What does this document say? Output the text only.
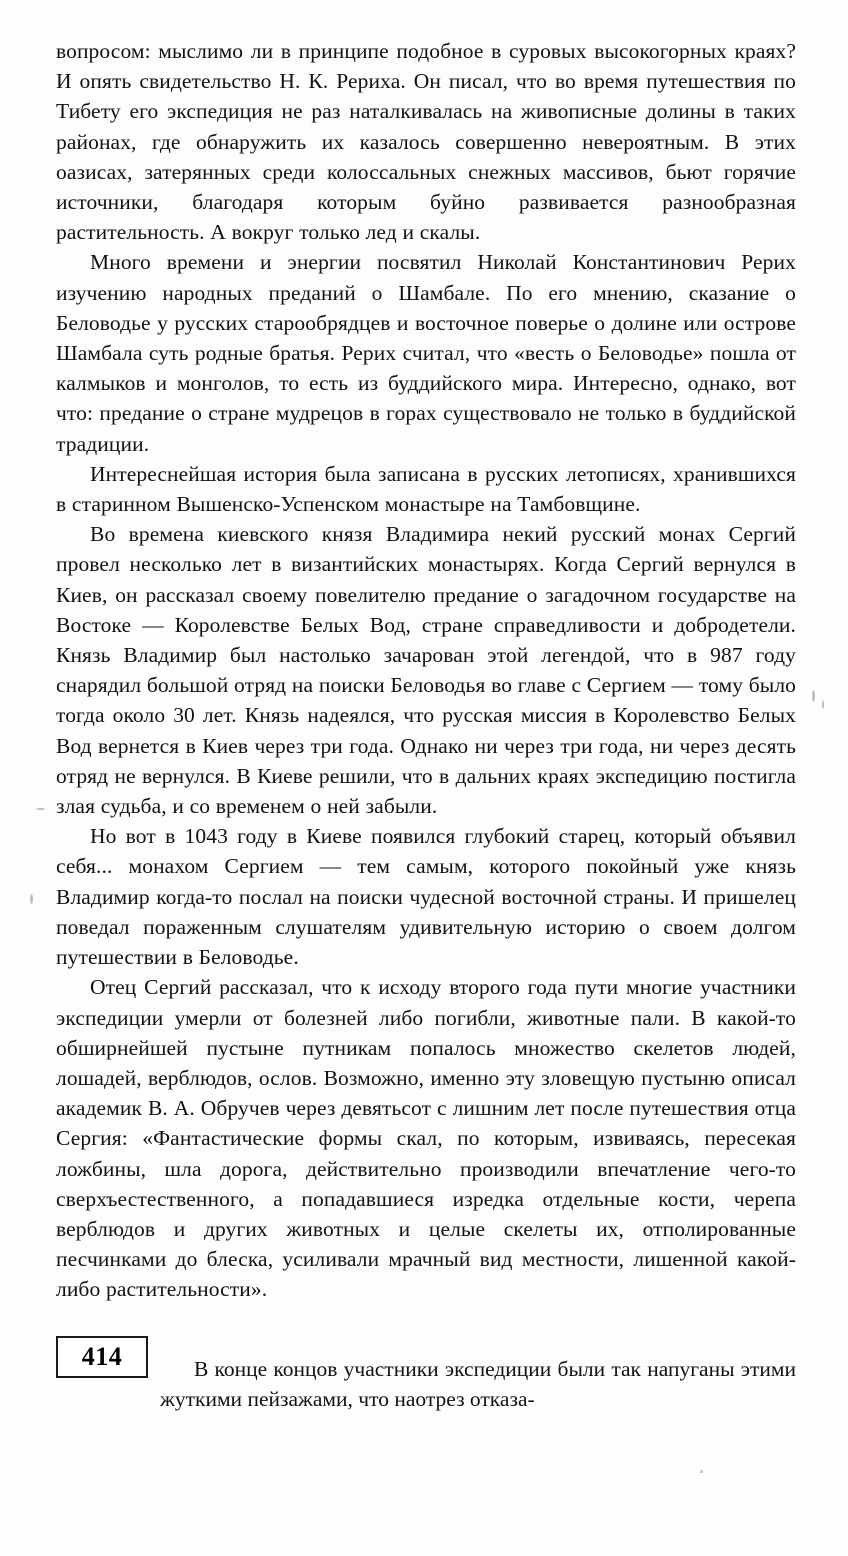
вопросом: мыслимо ли в принципе подобное в суровых высокогорных краях? И опять свидетельство Н. К. Рериха. Он писал, что во время путешествия по Тибету его экспедиция не раз наталкивалась на живописные долины в таких районах, где обнаружить их казалось совершенно невероятным. В этих оазисах, затерянных среди колоссальных снежных массивов, бьют горячие источники, благодаря которым буйно развивается разнообразная растительность. А вокруг только лед и скалы.

Много времени и энергии посвятил Николай Константинович Рерих изучению народных преданий о Шамбале. По его мнению, сказание о Беловодье у русских старообрядцев и восточное поверье о долине или острове Шамбала суть родные братья. Рерих считал, что «весть о Беловодье» пошла от калмыков и монголов, то есть из буддийского мира. Интересно, однако, вот что: предание о стране мудрецов в горах существовало не только в буддийской традиции.

Интереснейшая история была записана в русских летописях, хранившихся в старинном Вышенско-Успенском монастыре на Тамбовщине.

Во времена киевского князя Владимира некий русский монах Сергий провел несколько лет в византийских монастырях. Когда Сергий вернулся в Киев, он рассказал своему повелителю предание о загадочном государстве на Востоке — Королевстве Белых Вод, стране справедливости и добродетели. Князь Владимир был настолько зачарован этой легендой, что в 987 году снарядил большой отряд на поиски Беловодья во главе с Сергием — тому было тогда около 30 лет. Князь надеялся, что русская миссия в Королевство Белых Вод вернется в Киев через три года. Однако ни через три года, ни через десять отряд не вернулся. В Киеве решили, что в дальних краях экспедицию постигла злая судьба, и со временем о ней забыли.

Но вот в 1043 году в Киеве появился глубокий старец, который объявил себя... монахом Сергием — тем самым, которого покойный уже князь Владимир когда-то послал на поиски чудесной восточной страны. И пришелец поведал пораженным слушателям удивительную историю о своем долгом путешествии в Беловодье.

Отец Сергий рассказал, что к исходу второго года пути многие участники экспедиции умерли от болезней либо погибли, животные пали. В какой-то обширнейшей пустыне путникам попалось множество скелетов людей, лошадей, верблюдов, ослов. Возможно, именно эту зловещую пустыню описал академик В. А. Обручев через девятьсот с лишним лет после путешествия отца Сергия: «Фантастические формы скал, по которым, извиваясь, пересекая ложбины, шла дорога, действительно производили впечатление чего-то сверхъестественного, а попадавшиеся изредка отдельные кости, черепа верблюдов и других животных и целые скелеты их, отполированные песчинками до блеска, усиливали мрачный вид местности, лишенной какой-либо растительности».

414	В конце концов участники экспедиции были так напуганы этими жуткими пейзажами, что наотрез отказа-
